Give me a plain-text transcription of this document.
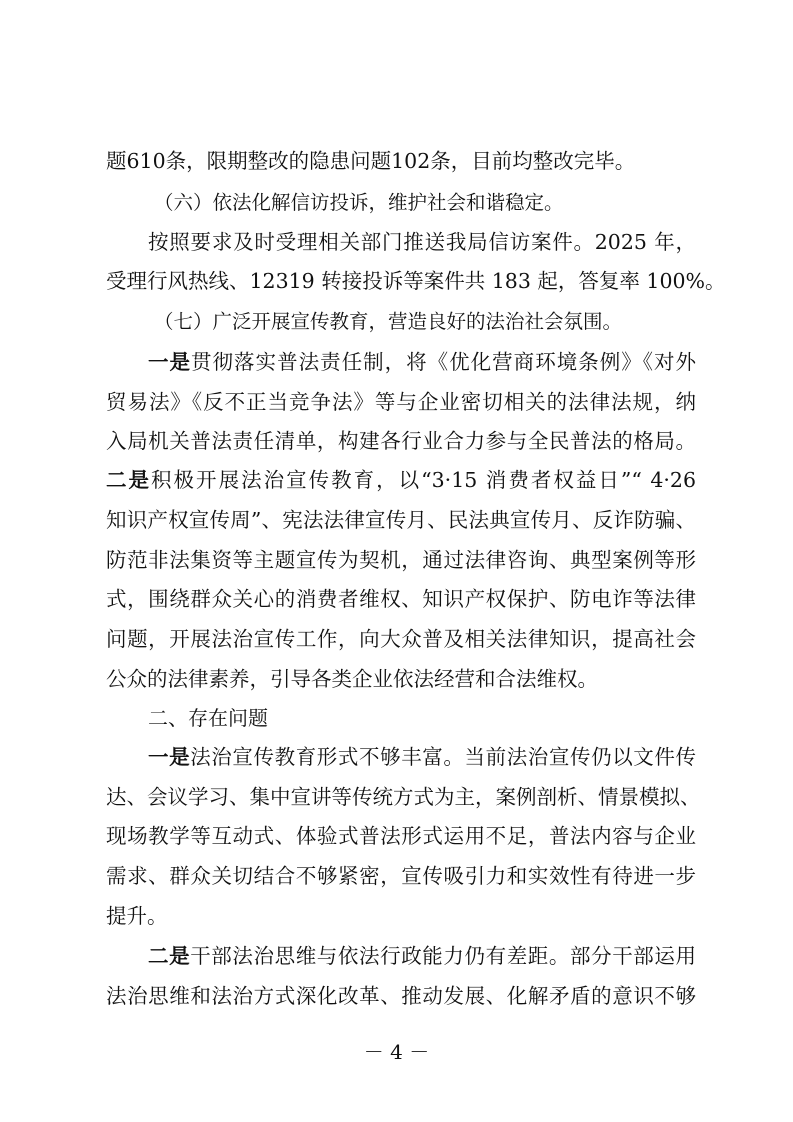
题610条，限期整改的隐患问题102条，目前均整改完毕。
（六）依法化解信访投诉，维护社会和谐稳定。
按照要求及时受理相关部门推送我局信访案件。2025 年，
受理行风热线、12319 转接投诉等案件共 183 起，答复率 100%。
（七）广泛开展宣传教育，营造良好的法治社会氛围。
一是贯彻落实普法责任制，将《优化营商环境条例》《对外
贸易法》《反不正当竞争法》等与企业密切相关的法律法规，纳
入局机关普法责任清单，构建各行业合力参与全民普法的格局。
二是积极开展法治宣传教育，以“3·15 消费者权益日”“ 4·26
知识产权宣传周”、宪法法律宣传月、民法典宣传月、反诈防骗、
防范非法集资等主题宣传为契机，通过法律咨询、典型案例等形
式，围绕群众关心的消费者维权、知识产权保护、防电诈等法律
问题，开展法治宣传工作，向大众普及相关法律知识，提高社会
公众的法律素养，引导各类企业依法经营和合法维权。
二、存在问题
一是法治宣传教育形式不够丰富。当前法治宣传仍以文件传
达、会议学习、集中宣讲等传统方式为主，案例剖析、情景模拟、
现场教学等互动式、体验式普法形式运用不足，普法内容与企业
需求、群众关切结合不够紧密，宣传吸引力和实效性有待进一步
提升。
二是干部法治思维与依法行政能力仍有差距。部分干部运用
法治思维和法治方式深化改革、推动发展、化解矛盾的意识不够
－ 4 －
